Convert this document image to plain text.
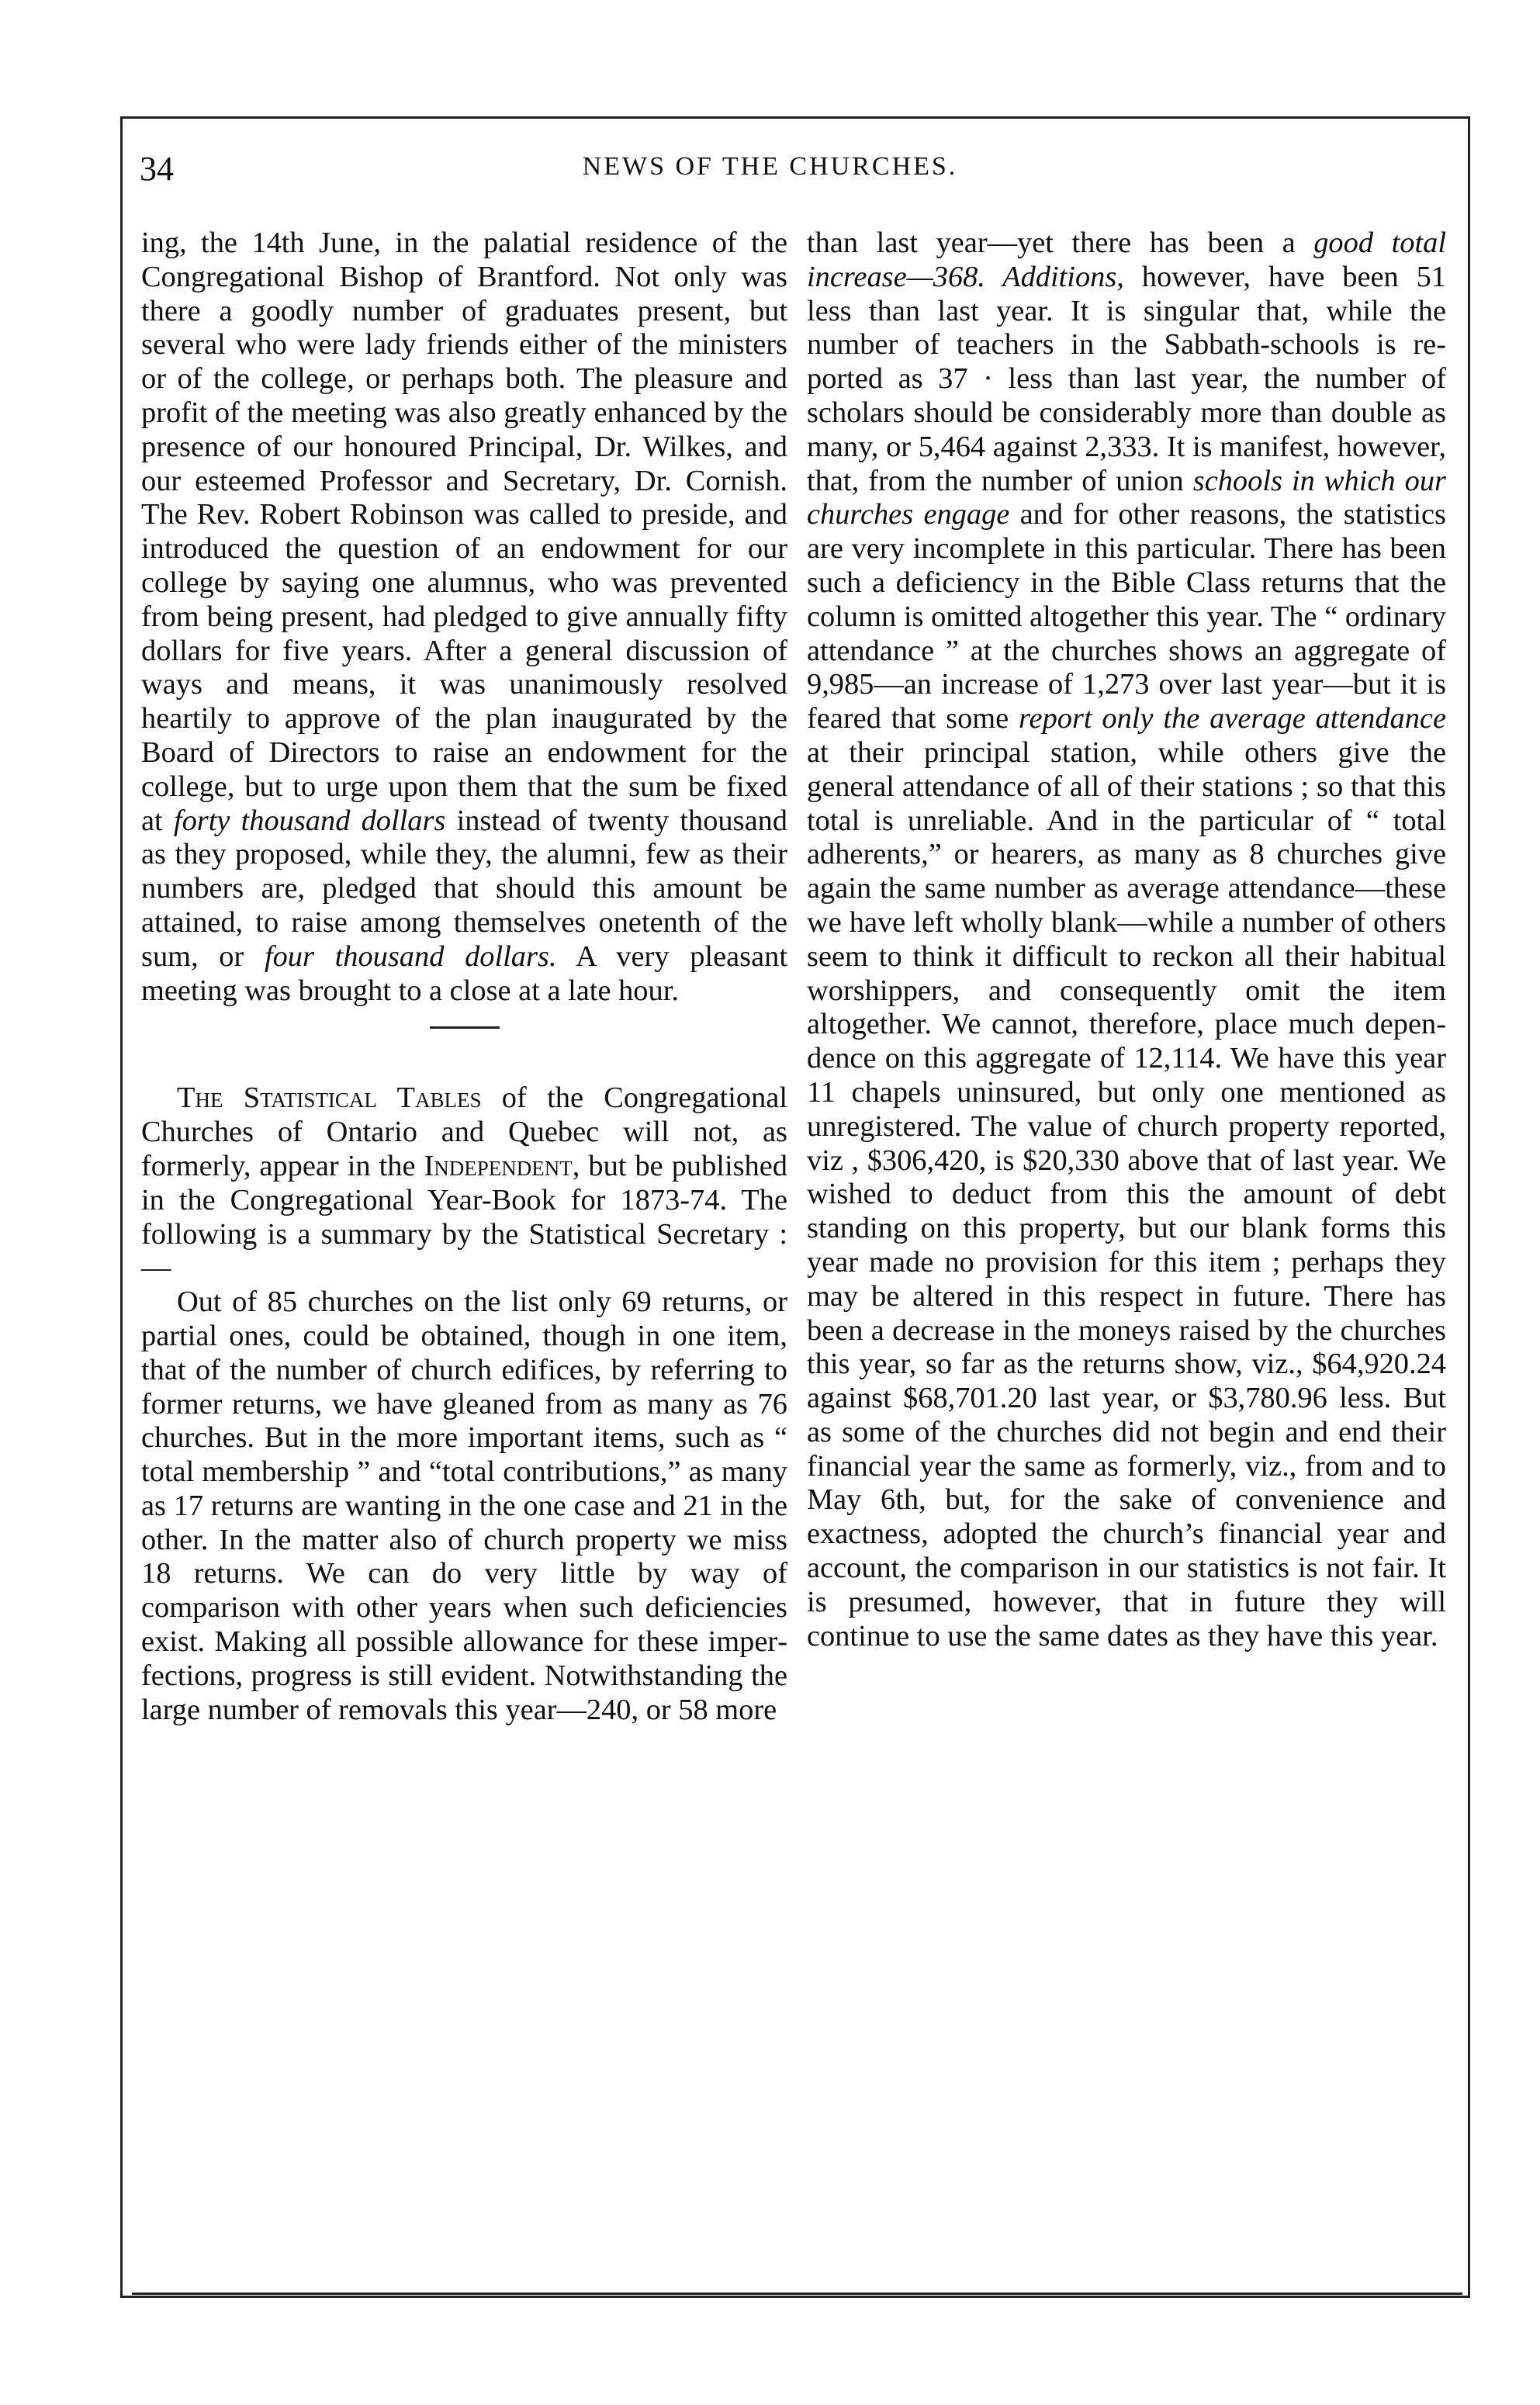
34	NEWS OF THE CHURCHES.

ing, the 14th June, in the palatial residence of the Congregational Bishop of Brantford. Not only was there a goodly number of graduates present, but several who were lady friends either of the ministers or of the college, or perhaps both. The pleasure and profit of the meeting was also greatly enhanced by the presence of our honoured Principal, Dr. Wilkes, and our esteemed Professor and Secretary, Dr. Cornish. The Rev. Robert Robinson was called to preside, and introduced the question of an endowment for our college by saying one alumnus, who was prevented from being present, had pledged to give annually fifty dollars for five years. After a general discussion of ways and means, it was unanimously resolved heartily to approve of the plan inaugurated by the Board of Directors to raise an endowment for the college, but to urge upon them that the sum be fixed at forty thousand dollars instead of twenty thousand as they proposed, while they, the alumni, few as their numbers are, pledged that should this amount be attained, to raise among themselves onetenth of the sum, or four thousand dollars. A very pleasant meeting was brought to a close at a late hour.

The Statistical Tables of the Congregational Churches of Ontario and Quebec will not, as formerly, appear in the Independent, but be published in the Congregational Year-Book for 1873-74. The following is a summary by the Statistical Secretary :—

Out of 85 churches on the list only 69 returns, or partial ones, could be obtained, though in one item, that of the number of church edifices, by referring to former returns, we have gleaned from as many as 76 churches. But in the more important items, such as “ total membership ” and “total contributions,” as many as 17 returns are wanting in the one case and 21 in the other. In the matter also of church property we miss 18 returns. We can do very little by way of comparison with other years when such deficiencies exist. Making all possible allowance for these imperfections, progress is still evident. Notwithstanding the large number of removals this year—240, or 58 more

than last year—yet there has been a good total increase—368. Additions, however, have been 51 less than last year. It is singular that, while the number of teachers in the Sabbath-schools is reported as 37 · less than last year, the number of scholars should be considerably more than double as many, or 5,464 against 2,333. It is manifest, however, that, from the number of union schools in which our churches engage and for other reasons, the statistics are very incomplete in this particular. There has been such a deficiency in the Bible Class returns that the column is omitted altogether this year. The “ ordinary attendance ” at the churches shows an aggregate of 9,985—an increase of 1,273 over last year—but it is feared that some report only the average attendance at their principal station, while others give the general attendance of all of their stations ; so that this total is unreliable. And in the particular of “ total adherents,” or hearers, as many as 8 churches give again the same number as average attendance—these we have left wholly blank—while a number of others seem to think it difficult to reckon all their habitual worshippers, and consequently omit the item altogether. We cannot, therefore, place much dependence on this aggregate of 12,114. We have this year 11 chapels uninsured, but only one mentioned as unregistered. The value of church property reported, viz , $306,420, is $20,330 above that of last year. We wished to deduct from this the amount of debt standing on this property, but our blank forms this year made no provision for this item ; perhaps they may be altered in this respect in future. There has been a decrease in the moneys raised by the churches this year, so far as the returns show, viz., $64,920.24 against $68,701.20 last year, or $3,780.96 less. But as some of the churches did not begin and end their financial year the same as formerly, viz., from and to May 6th, but, for the sake of convenience and exactness, adopted the church’s financial year and account, the comparison in our statistics is not fair. It is presumed, however, that in future they will continue to use the same dates as they have this year.
